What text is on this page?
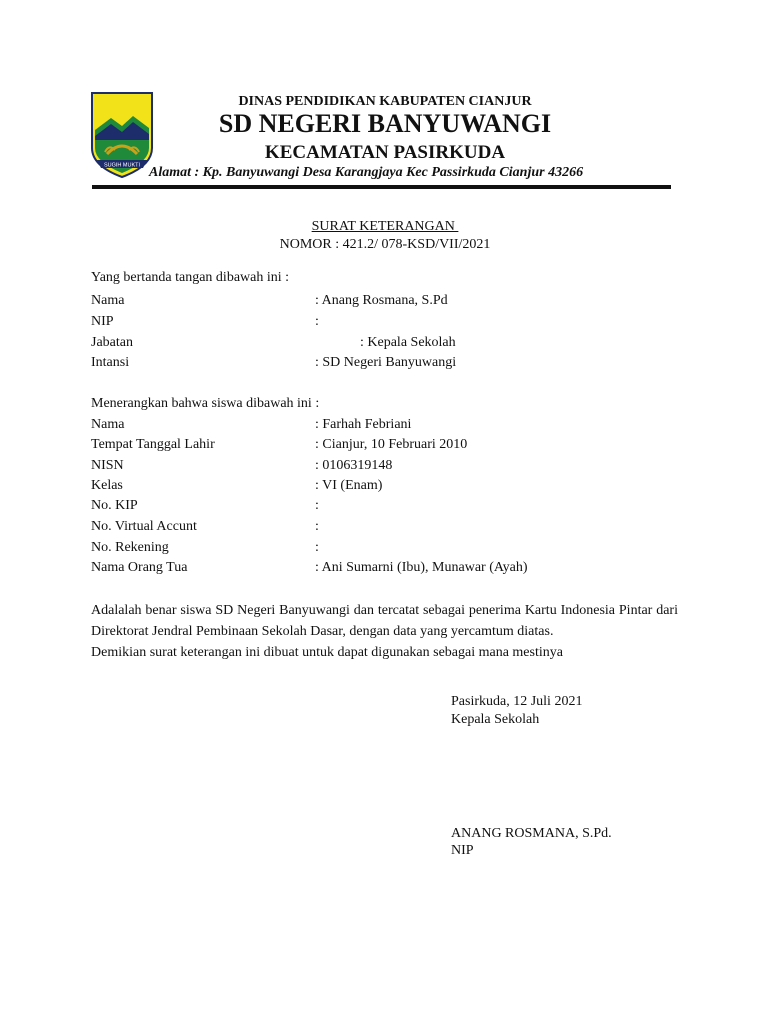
SUGIH MUKTI
DINAS PENDIDIKAN KABUPATEN CIANJUR
SD NEGERI BANYUWANGI
KECAMATAN PASIRKUDA
Alamat : Kp. Banyuwangi Desa Karangjaya Kec Passirkuda Cianjur 43266
SURAT KETERANGAN
NOMOR : 421.2/ 078-KSD/VII/2021
Yang bertanda tangan dibawah ini :
Nama	: Anang Rosmana, S.Pd
NIP	:
Jabatan	: Kepala Sekolah
Intansi	: SD Negeri Banyuwangi
Menerangkan bahwa siswa dibawah ini :
Nama	: Farhah Febriani
Tempat Tanggal Lahir	: Cianjur, 10 Februari 2010
NISN	: 0106319148
Kelas	: VI (Enam)
No. KIP	:
No. Virtual Accunt	:
No. Rekening	:
Nama Orang Tua	: Ani Sumarni (Ibu), Munawar (Ayah)

Adalalah benar siswa SD Negeri Banyuwangi dan tercatat sebagai penerima Kartu Indonesia Pintar dari Direktorat Jendral Pembinaan Sekolah Dasar, dengan data yang yercamtum diatas.

Demikian surat keterangan ini dibuat untuk dapat digunakan sebagai mana mestinya

Pasirkuda, 12 Juli 2021
Kepala Sekolah
ANANG ROSMANA, S.Pd.
NIP
